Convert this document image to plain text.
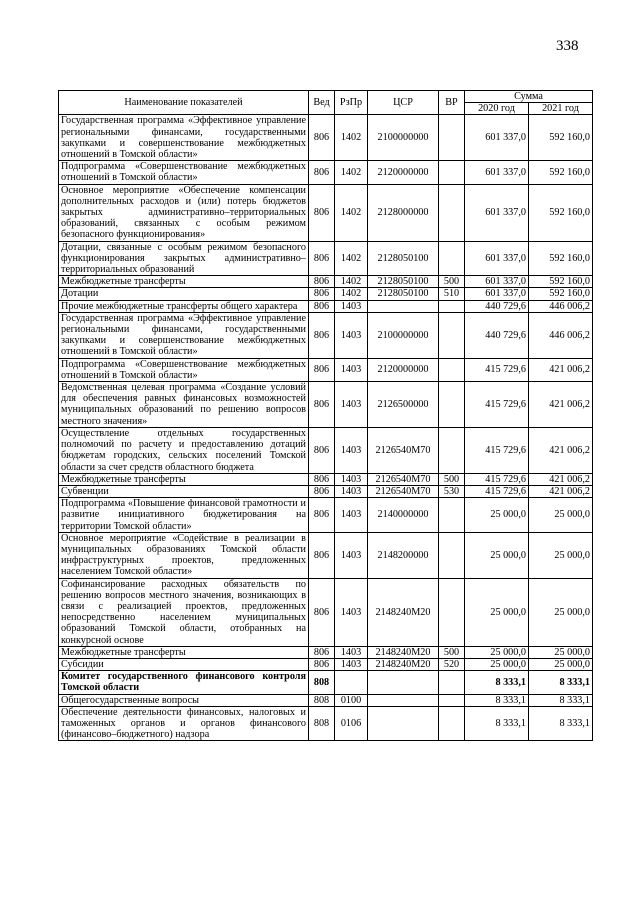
338
Наименование показателей	Вед	РзПр	ЦСР	ВР	Сумма	
					2020 год	2021 год
Государственная программа «Эффективное управление региональными финансами, государственными закупками и совершенствование межбюджетных отношений в Томской области»	806	1402	2100000000		601 337,0	592 160,0
Подпрограмма «Совершенствование межбюджетных отношений в Томской области»	806	1402	2120000000		601 337,0	592 160,0
Основное мероприятие «Обеспечение компенсации дополнительных расходов и (или) потерь бюджетов закрытых административно–территориальных образований, связанных с особым режимом безопасного функционирования»	806	1402	2128000000		601 337,0	592 160,0
Дотации, связанные с особым режимом безопасного функционирования закрытых административно–территориальных образований	806	1402	2128050100		601 337,0	592 160,0
Межбюджетные трансферты	806	1402	2128050100	500	601 337,0	592 160,0
Дотации	806	1402	2128050100	510	601 337,0	592 160,0
Прочие межбюджетные трансферты общего характера	806	1403			440 729,6	446 006,2
Государственная программа «Эффективное управление региональными финансами, государственными закупками и совершенствование межбюджетных отношений в Томской области»	806	1403	2100000000		440 729,6	446 006,2
Подпрограмма «Совершенствование межбюджетных отношений в Томской области»	806	1403	2120000000		415 729,6	421 006,2
Ведомственная целевая программа «Создание условий для обеспечения равных финансовых возможностей муниципальных образований по решению вопросов местного значения»	806	1403	2126500000		415 729,6	421 006,2
Осуществление отдельных государственных полномочий по расчету и предоставлению дотаций бюджетам городских, сельских поселений Томской области за счет средств областного бюджета	806	1403	2126540М70		415 729,6	421 006,2
Межбюджетные трансферты	806	1403	2126540М70	500	415 729,6	421 006,2
Субвенции	806	1403	2126540М70	530	415 729,6	421 006,2
Подпрограмма «Повышение финансовой грамотности и развитие инициативного бюджетирования на территории Томской области»	806	1403	2140000000		25 000,0	25 000,0
Основное мероприятие «Содействие в реализации в муниципальных образованиях Томской области инфраструктурных проектов, предложенных населением Томской области»	806	1403	2148200000		25 000,0	25 000,0
Софинансирование расходных обязательств по решению вопросов местного значения, возникающих в связи с реализацией проектов, предложенных непосредственно населением муниципальных образований Томской области, отобранных на конкурсной основе	806	1403	2148240М20		25 000,0	25 000,0
Межбюджетные трансферты	806	1403	2148240М20	500	25 000,0	25 000,0
Субсидии	806	1403	2148240М20	520	25 000,0	25 000,0
Комитет государственного финансового контроля Томской области	808				8 333,1	8 333,1
Общегосударственные вопросы	808	0100			8 333,1	8 333,1
Обеспечение деятельности финансовых, налоговых и таможенных органов и органов финансового (финансово–бюджетного) надзора	808	0106			8 333,1	8 333,1
